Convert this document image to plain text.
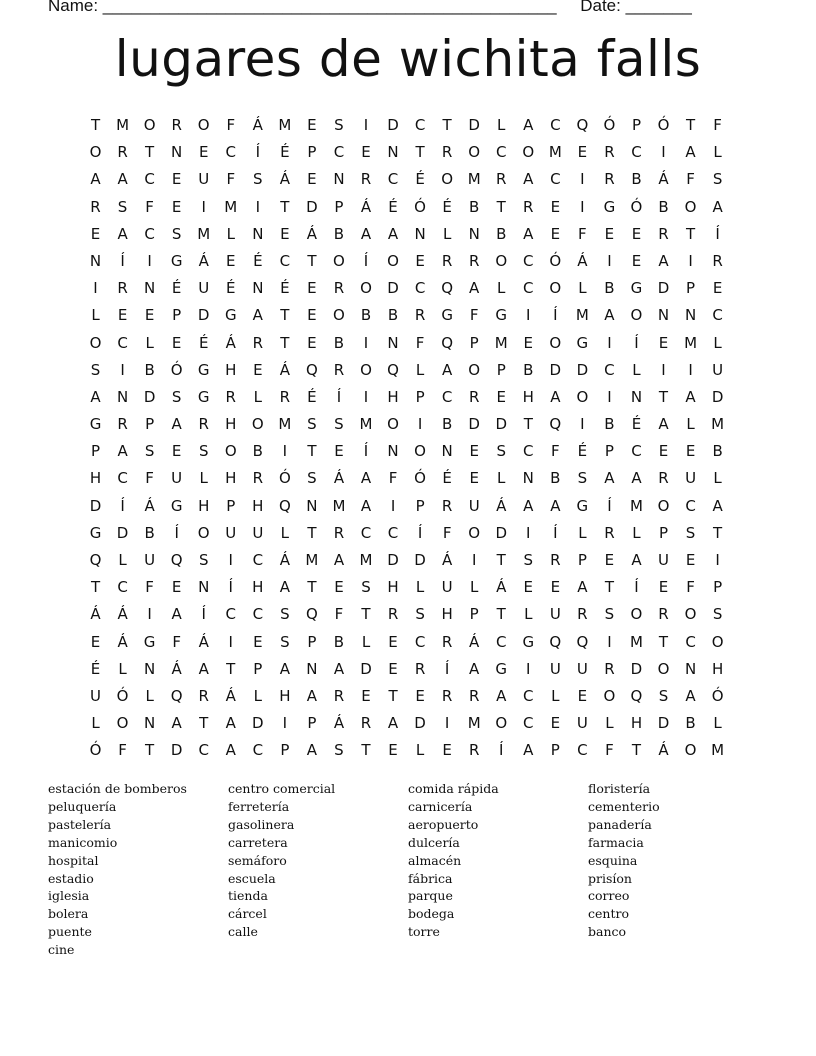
Name: ________________________________________________     Date: _______
lugares de wichita falls
T	M O	R	O	F	Á	M	E	S	I	D	C	T	D	L	A	C	Q	Ó	P	Ó	T	F
O	R	T	N	E	C	Í	É	P	C	E	N	T	R	O	C	O M	E	R	C	I	A	L
A	A	C	E	U	F	S	Á	E	N	R	C	É	O M	R	A	C	I	R	B	Á	F	S
R	S	F	E	I	M	I	T	D	P	Á	É	Ó	É	B	T	R	E	I	G	Ó	B	O	A
E	A	C	S	M	L	N	E	Á	B	A	A	N	L	N	B	A	E	F	E	E	R	T	Í
N	Í	I	G	Á	E	É	C	T	O	Í	O	E	R	R	O	C	Ó	Á	I	E	A	I	R
I	R	N	É	U	É	N	É	E	R	O	D	C	Q	A	L	C	O	L	B	G	D	P	E
L	E	E	P	D	G	A	T	E	O	B	B	R	G	F	G	I	Í	M	A	O	N	N	C
O	C	L	E	É	Á	R	T	E	B	I	N	F	Q	P	M	E	O	G	I	Í	E	M	L
S	I	B	Ó	G	H	E	Á	Q	R	O	Q	L	A	O	P	B	D	D	C	L	I	I	U
A	N	D	S	G	R	L	R	É	Í	I	H	P	C	R	E	H	A	O	I	N	T	A	D
G	R	P	A	R	H	O M	S	S	M O	I	B	D	D	T	Q	I	B	É	A	L	M
P	A	S	E	S	O	B	I	T	E	Í	N	O	N	E	S	C	F	É	P	C	E	E	B
H	C	F	U	L	H	R	Ó	S	Á	A	F	Ó	É	E	L	N	B	S	A	A	R	U	L
D	Í	Á	G	H	P	H	Q	N M	A	I	P	R	U	Á	A	A	G	Í	M O	C	A
G	D	B	Í	O	U	U	L	T	R	C	C	Í	F	O	D	I	Í	L	R	L	P	S	T
Q	L	U	Q	S	I	C	Á	M	A	M D	D	Á	I	T	S	R	P	E	A	U	E	I
T	C	F	E	N	Í	H	A	T	E	S	H	L	U	L	Á	E	E	A	T	Í	E	F	P
Á	Á	I	A	Í	C	C	S	Q	F	T	R	S	H	P	T	L	U	R	S	O	R	O	S
E	Á	G	F	Á	I	E	S	P	B	L	E	C	R	Á	C	G	Q	Q	I	M	T	C	O
É	L	N	Á	A	T	P	A	N	A	D	E	R	Í	A	G	I	U	U	R	D	O	N	H
U	Ó	L	Q	R	Á	L	H	A	R	E	T	E	R	R	A	C	L	E	O	Q	S	A	Ó
L	O	N	A	T	A	D	I	P	Á	R	A	D	I	M O	C	E	U	L	H	D	B	L
Ó	F	T	D	C	A	C	P	A	S	T	E	L	E	R	Í	A	P	C	F	T	Á	O M
estación de bomberos
peluquería
pastelería
manicomio
hospital
estadio
iglesia
bolera
puente
cine
centro comercial
ferretería
gasolinera
carretera
semáforo
escuela
tienda
cárcel
calle
comida rápida
carnicería
aeropuerto
dulcería
almacén
fábrica
parque
bodega
torre
floristería
cementerio
panadería
farmacia
esquina
prisíon
correo
centro
banco
